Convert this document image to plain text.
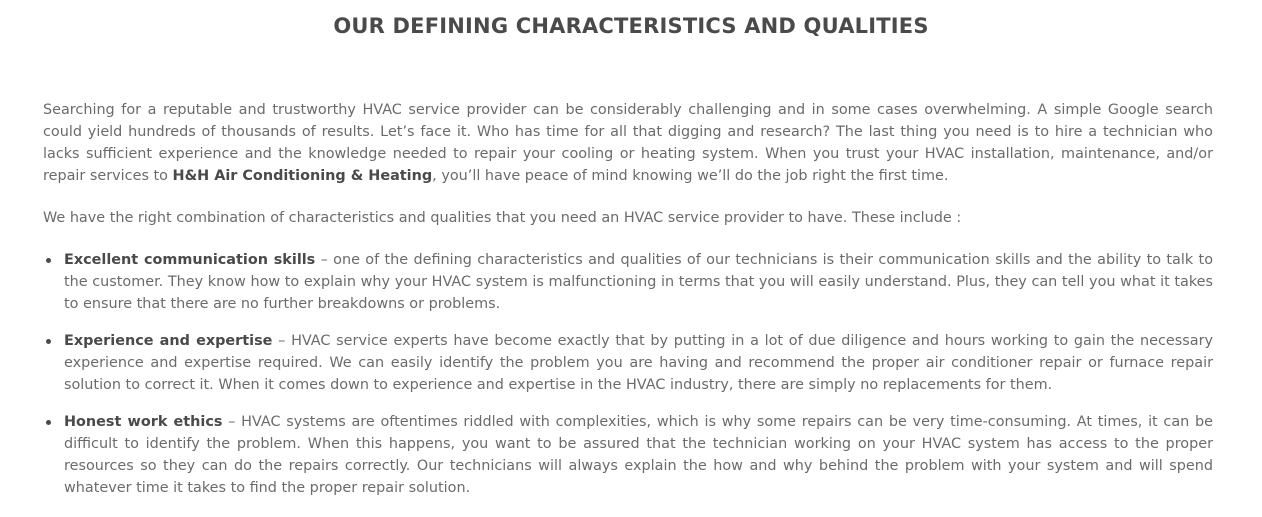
OUR DEFINING CHARACTERISTICS AND QUALITIES

Searching for a reputable and trustworthy HVAC service provider can be considerably challenging and in some cases overwhelming. A simple Google search could yield hundreds of thousands of results. Let’s face it. Who has time for all that digging and research? The last thing you need is to hire a technician who lacks sufficient experience and the knowledge needed to repair your cooling or heating system. When you trust your HVAC installation, maintenance, and/or repair services to H&H Air Conditioning & Heating, you’ll have peace of mind knowing we’ll do the job right the first time.

We have the right combination of characteristics and qualities that you need an HVAC service provider to have. These include :

Excellent communication skills – one of the defining characteristics and qualities of our technicians is their communication skills and the ability to talk to the customer. They know how to explain why your HVAC system is malfunctioning in terms that you will easily understand. Plus, they can tell you what it takes to ensure that there are no further breakdowns or problems.
Experience and expertise – HVAC service experts have become exactly that by putting in a lot of due diligence and hours working to gain the necessary experience and expertise required. We can easily identify the problem you are having and recommend the proper air conditioner repair or furnace repair solution to correct it. When it comes down to experience and expertise in the HVAC industry, there are simply no replacements for them.
Honest work ethics – HVAC systems are oftentimes riddled with complexities, which is why some repairs can be very time-consuming. At times, it can be difficult to identify the problem. When this happens, you want to be assured that the technician working on your HVAC system has access to the proper resources so they can do the repairs correctly. Our technicians will always explain the how and why behind the problem with your system and will spend whatever time it takes to find the proper repair solution.
